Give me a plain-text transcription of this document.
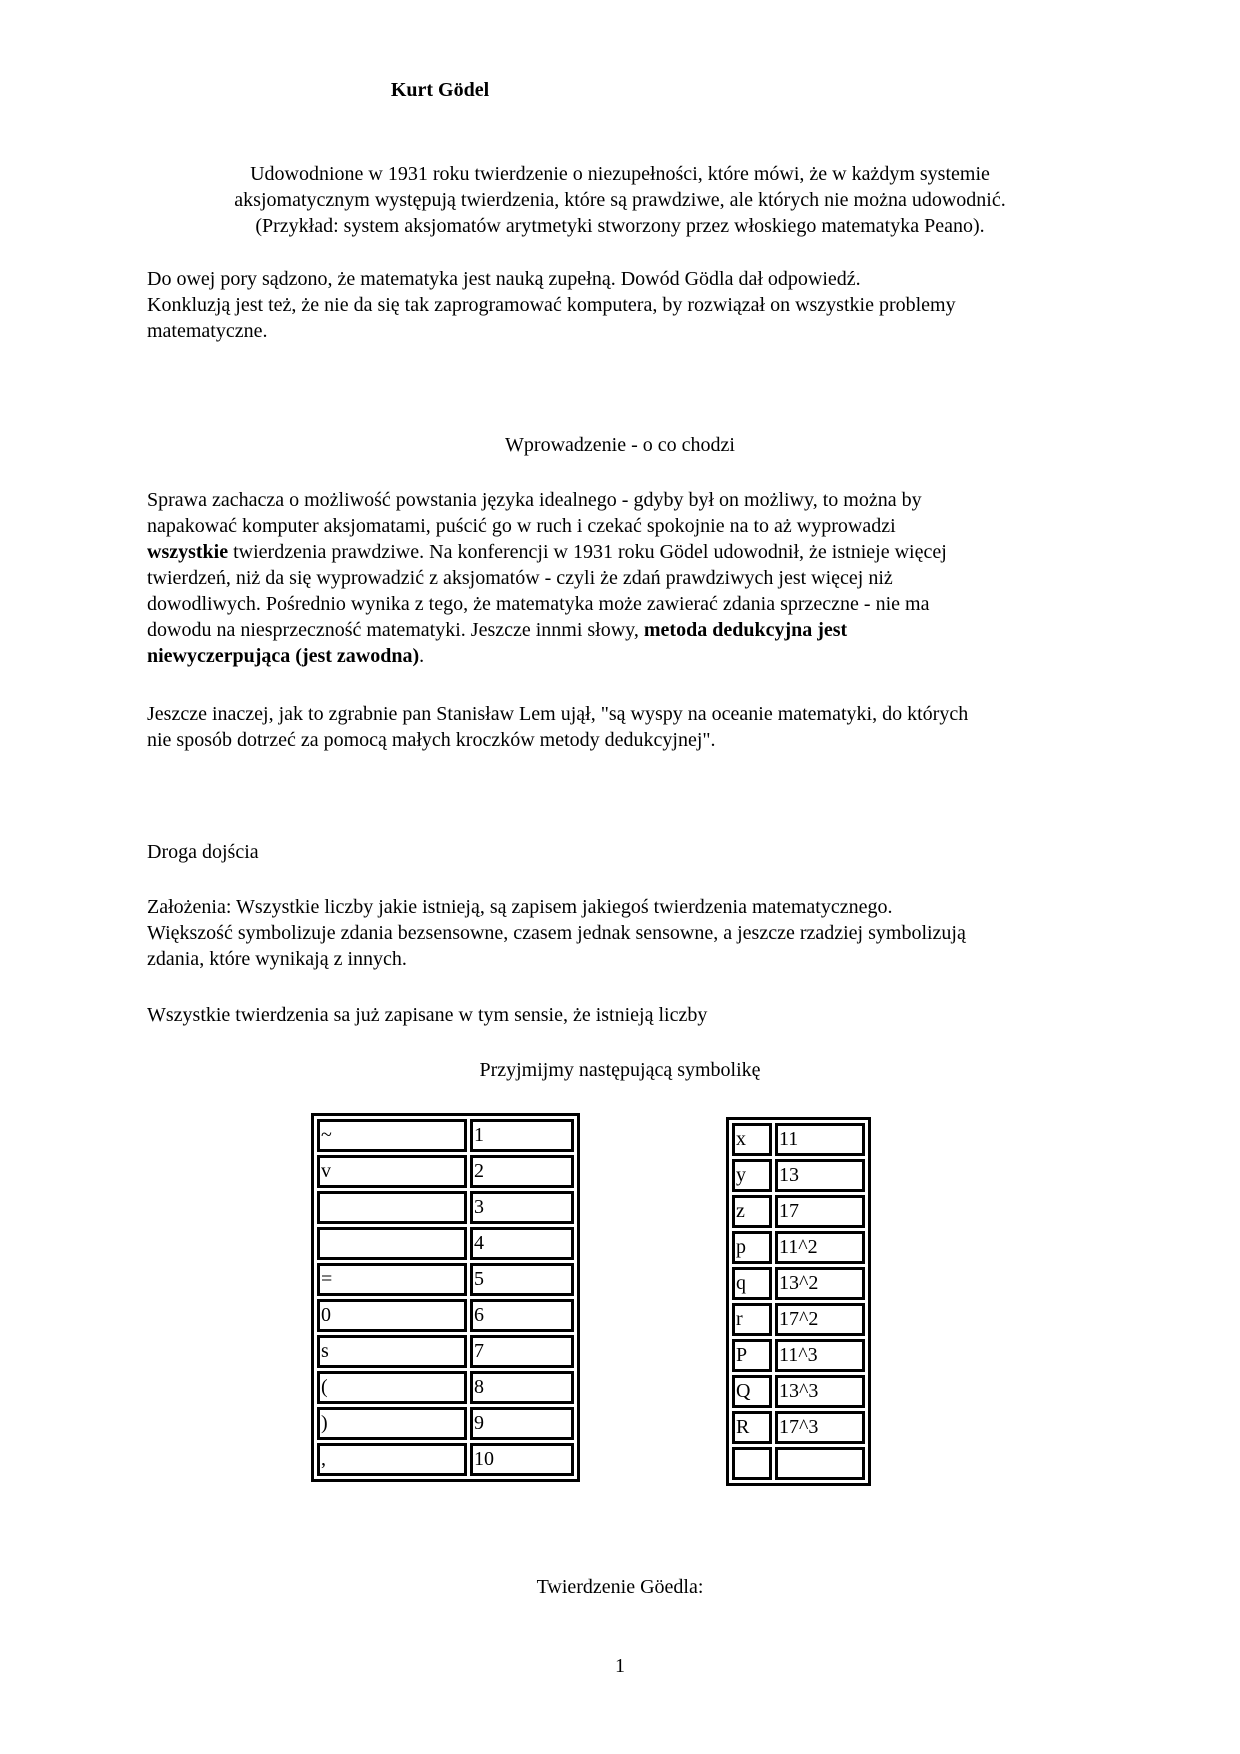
Kurt Gödel
Udowodnione w 1931 roku twierdzenie o niezupełności, które mówi, że w każdym systemie
aksjomatycznym występują twierdzenia, które są prawdziwe, ale których nie można udowodnić.
(Przykład: system aksjomatów arytmetyki stworzony przez włoskiego matematyka Peano).
Do owej pory sądzono, że matematyka jest nauką zupełną. Dowód Gödla dał odpowiedź.
Konkluzją jest też, że nie da się tak zaprogramować komputera, by rozwiązał on wszystkie problemy
matematyczne.
Wprowadzenie - o co chodzi
Sprawa zachacza o możliwość powstania języka idealnego - gdyby był on możliwy, to można by
napakować komputer aksjomatami, puścić go w ruch i czekać spokojnie na to aż wyprowadzi
wszystkie twierdzenia prawdziwe. Na konferencji w 1931 roku Gödel udowodnił, że istnieje więcej
twierdzeń, niż da się wyprowadzić z aksjomatów - czyli że zdań prawdziwych jest więcej niż
dowodliwych. Pośrednio wynika z tego, że matematyka może zawierać zdania sprzeczne - nie ma
dowodu na niesprzeczność matematyki. Jeszcze innmi słowy, metoda dedukcyjna jest
niewyczerpująca (jest zawodna).
Jeszcze inaczej, jak to zgrabnie pan Stanisław Lem ujął, "są wyspy na oceanie matematyki, do których
nie sposób dotrzeć za pomocą małych kroczków metody dedukcyjnej".
Droga dojścia
Założenia: Wszystkie liczby jakie istnieją, są zapisem jakiegoś twierdzenia matematycznego.
Większość symbolizuje zdania bezsensowne, czasem jednak sensowne, a jeszcze rzadziej symbolizują
zdania, które wynikają z innych.
Wszystkie twierdzenia sa już zapisane w tym sensie, że istnieją liczby
Przyjmijmy następującą symbolikę
~	1
v	2
	3
	4
=	5
0	6
s	7
(	8
)	9
,	10
x	11
y	13
z	17
p	11^2
q	13^2
r	17^2
P	11^3
Q	13^3
R	17^3

Twierdzenie Göedla:
1
